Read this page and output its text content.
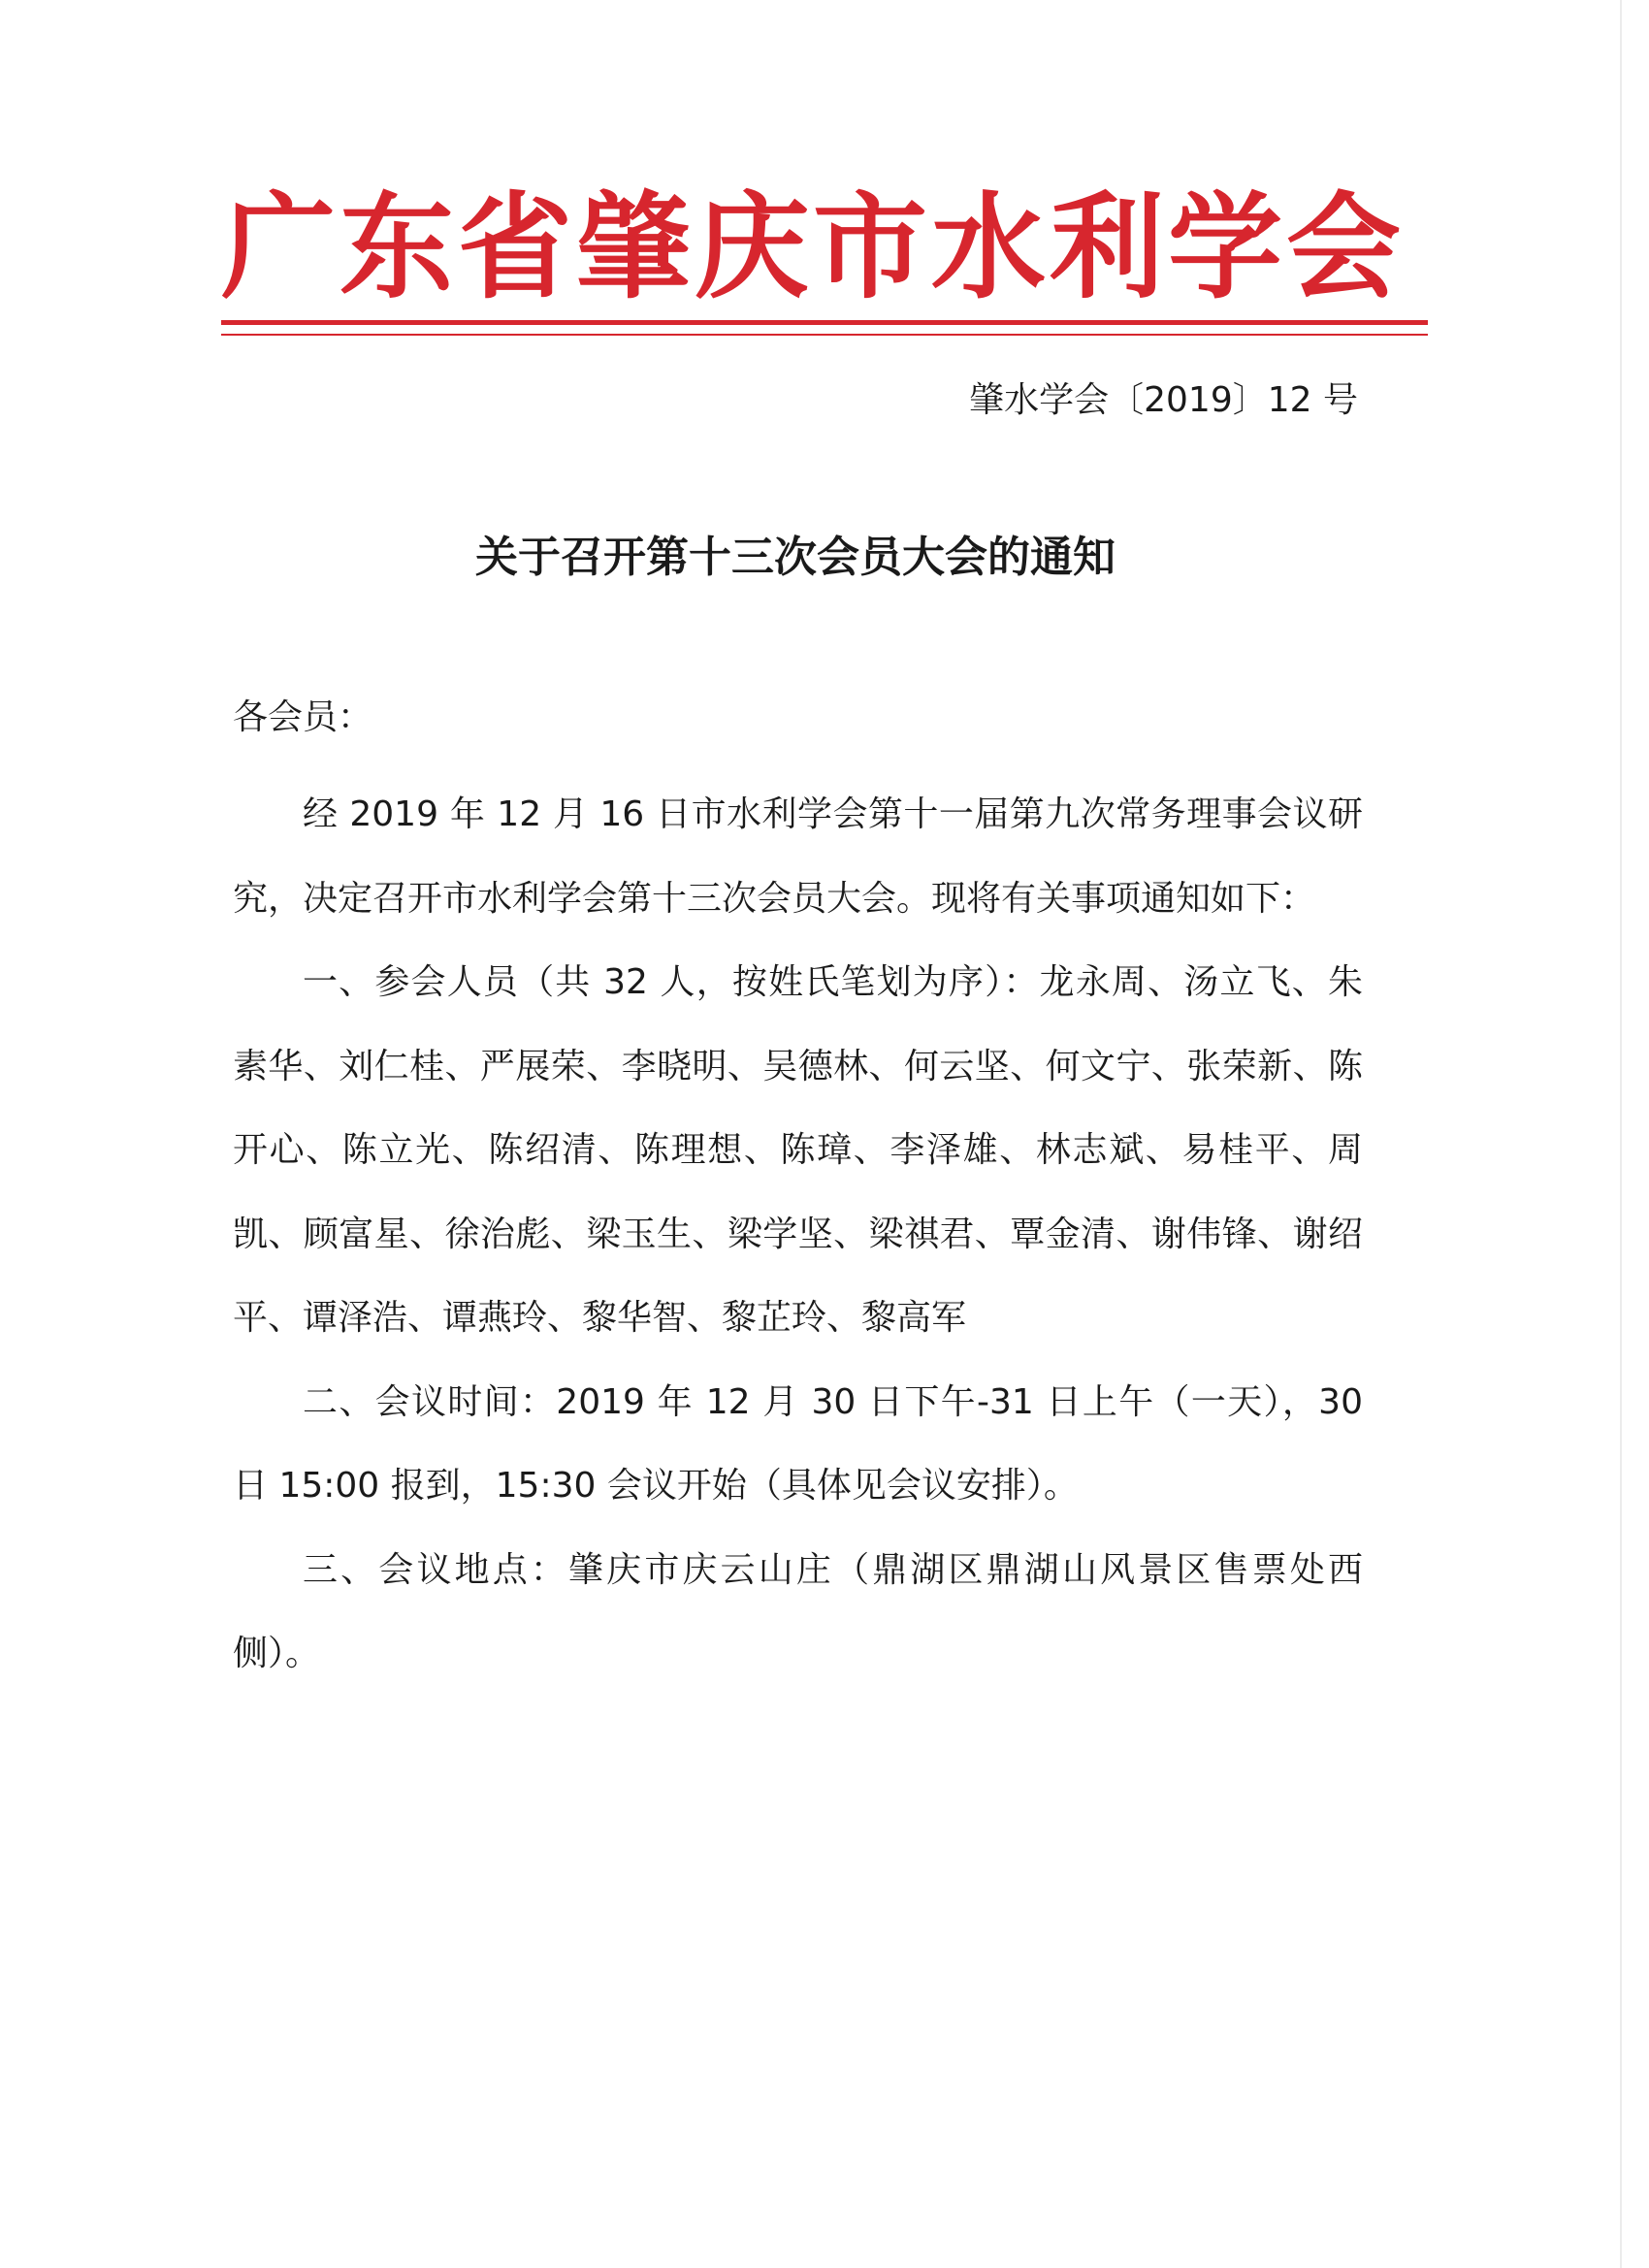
广东省肇庆市水利学会
肇水学会〔2019〕12 号
关于召开第十三次会员大会的通知
各会员：

经 2019 年 12 月 16 日市水利学会第十一届第九次常务理事会议研究，决定召开市水利学会第十三次会员大会。现将有关事项通知如下：

一、参会人员（共 32 人，按姓氏笔划为序）：龙永周、汤立飞、朱素华、刘仁桂、严展荣、李晓明、吴德林、何云坚、何文宁、张荣新、陈开心、陈立光、陈绍清、陈理想、陈璋、李泽雄、林志斌、易桂平、周凯、顾富星、徐治彪、梁玉生、梁学坚、梁祺君、覃金清、谢伟锋、谢绍平、谭泽浩、谭燕玲、黎华智、黎芷玲、黎高军

二、会议时间：2019 年 12 月 30 日下午-31 日上午（一天），30 日 15:00 报到，15:30 会议开始（具体见会议安排）。

三、会议地点：肇庆市庆云山庄（鼎湖区鼎湖山风景区售票处西侧）。
